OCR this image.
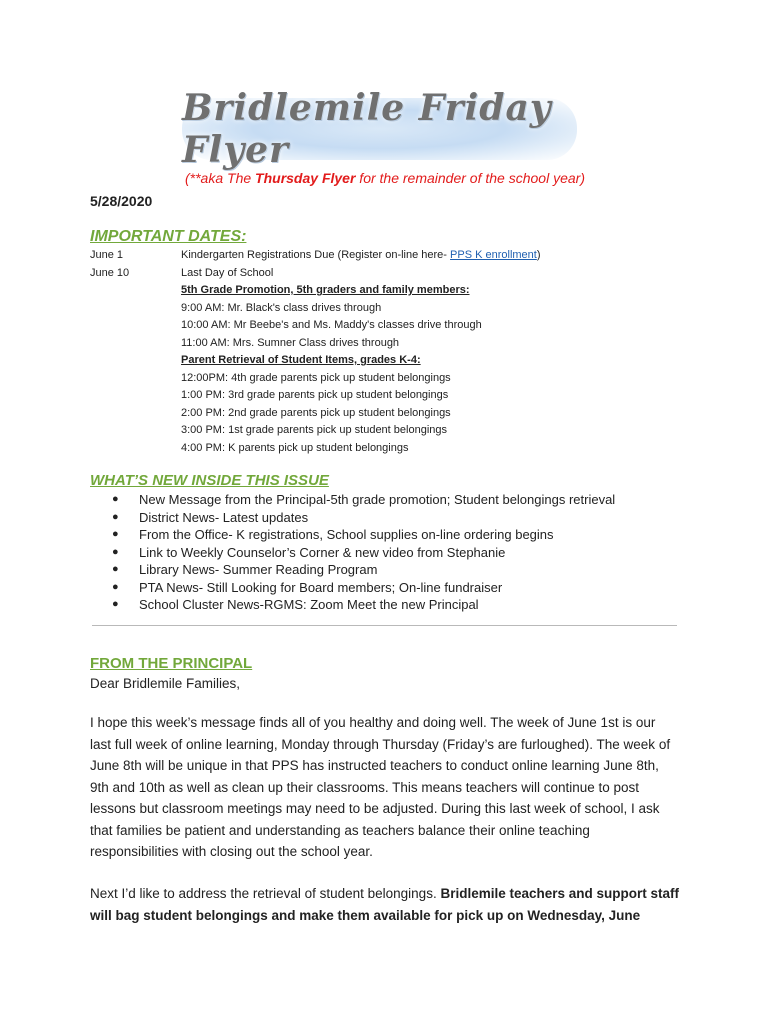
Bridlemile Friday Flyer
(**aka The Thursday Flyer for the remainder of the school year)
5/28/2020
IMPORTANT DATES:
June 1	Kindergarten Registrations Due (Register on-line here- PPS K enrollment)
June 10	Last Day of School
5th Grade Promotion, 5th graders and family members:
9:00 AM: Mr. Black's class drives through
10:00 AM: Mr Beebe's and Ms. Maddy's classes drive through
11:00 AM: Mrs. Sumner Class drives through
Parent Retrieval of Student Items, grades K-4:
12:00PM: 4th grade parents pick up student belongings
1:00 PM: 3rd grade parents pick up student belongings
2:00 PM: 2nd grade parents pick up student belongings
3:00 PM: 1st grade parents pick up student belongings
4:00 PM: K parents pick up student belongings
WHAT’S NEW INSIDE THIS ISSUE
● New Message from the Principal-5th grade promotion; Student belongings retrieval
● District News- Latest updates
● From the Office- K registrations, School supplies on-line ordering begins
● Link to Weekly Counselor’s Corner & new video from Stephanie
● Library News- Summer Reading Program
● PTA News- Still Looking for Board members; On-line fundraiser
● School Cluster News-RGMS: Zoom Meet the new Principal
FROM THE PRINCIPAL
Dear Bridlemile Families,

I hope this week’s message finds all of you healthy and doing well. The week of June 1st is our last full week of online learning, Monday through Thursday (Friday’s are furloughed). The week of June 8th will be unique in that PPS has instructed teachers to conduct online learning June 8th, 9th and 10th as well as clean up their classrooms. This means teachers will continue to post lessons but classroom meetings may need to be adjusted. During this last week of school, I ask that families be patient and understanding as teachers balance their online teaching responsibilities with closing out the school year.

Next I’d like to address the retrieval of student belongings. Bridlemile teachers and support staff will bag student belongings and make them available for pick up on Wednesday, June
